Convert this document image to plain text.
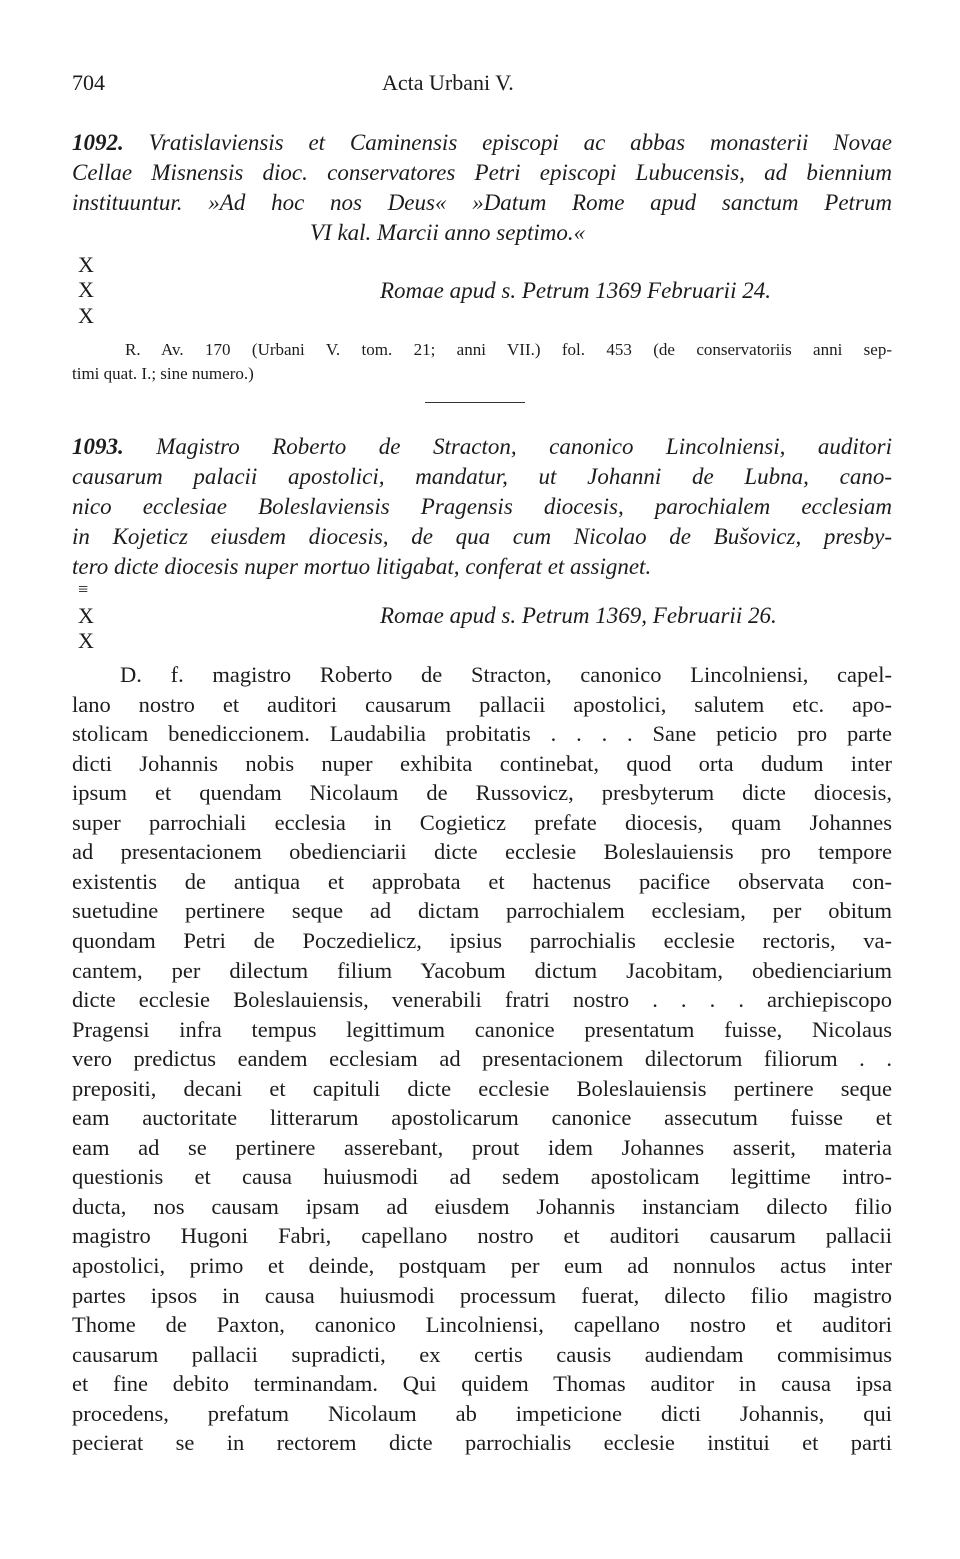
704	Acta Urbani V.
1092. Vratislaviensis et Caminensis episcopi ac abbas monasterii Novae
Cellae Misnensis dioc. conservatores Petri episcopi Lubucensis, ad biennium
instituuntur. »Ad hoc nos Deus« »Datum Rome apud sanctum Petrum
VI kal. Marcii anno septimo.«
X
X
X
Romae apud s. Petrum 1369 Februarii 24.
R. Av. 170 (Urbani V. tom. 21; anni VII.) fol. 453 (de conservatoriis anni sep-
timi quat. I.; sine numero.)
1093. Magistro Roberto de Stracton, canonico Lincolniensi, auditori
causarum palacii apostolici, mandatur, ut Johanni de Lubna, cano-
nico ecclesiae Boleslaviensis Pragensis diocesis, parochialem ecclesiam
in Kojeticz eiusdem diocesis, de qua cum Nicolao de Bušovicz, presby-
tero dicte diocesis nuper mortuo litigabat, conferat et assignet.
≡
X
X
Romae apud s. Petrum 1369, Februarii 26.
D. f. magistro Roberto de Stracton, canonico Lincolniensi, capel-
lano nostro et auditori causarum pallacii apostolici, salutem etc. apo-
stolicam benediccionem. Laudabilia probitatis . . . . Sane peticio pro parte
dicti Johannis nobis nuper exhibita continebat, quod orta dudum inter
ipsum et quendam Nicolaum de Russovicz, presbyterum dicte diocesis,
super parrochiali ecclesia in Cogieticz prefate diocesis, quam Johannes
ad presentacionem obedienciarii dicte ecclesie Boleslauiensis pro tempore
existentis de antiqua et approbata et hactenus pacifice observata con-
suetudine pertinere seque ad dictam parrochialem ecclesiam, per obitum
quondam Petri de Poczedielicz, ipsius parrochialis ecclesie rectoris, va-
cantem, per dilectum filium Yacobum dictum Jacobitam, obedienciarium
dicte ecclesie Boleslauiensis, venerabili fratri nostro . . . . archiepiscopo
Pragensi infra tempus legittimum canonice presentatum fuisse, Nicolaus
vero predictus eandem ecclesiam ad presentacionem dilectorum filiorum . .
prepositi, decani et capituli dicte ecclesie Boleslauiensis pertinere seque
eam auctoritate litterarum apostolicarum canonice assecutum fuisse et
eam ad se pertinere asserebant, prout idem Johannes asserit, materia
questionis et causa huiusmodi ad sedem apostolicam legittime intro-
ducta, nos causam ipsam ad eiusdem Johannis instanciam dilecto filio
magistro Hugoni Fabri, capellano nostro et auditori causarum pallacii
apostolici, primo et deinde, postquam per eum ad nonnulos actus inter
partes ipsos in causa huiusmodi processum fuerat, dilecto filio magistro
Thome de Paxton, canonico Lincolniensi, capellano nostro et auditori
causarum pallacii supradicti, ex certis causis audiendam commisimus
et fine debito terminandam. Qui quidem Thomas auditor in causa ipsa
procedens, prefatum Nicolaum ab impeticione dicti Johannis, qui
pecierat se in rectorem dicte parrochialis ecclesie institui et parti
